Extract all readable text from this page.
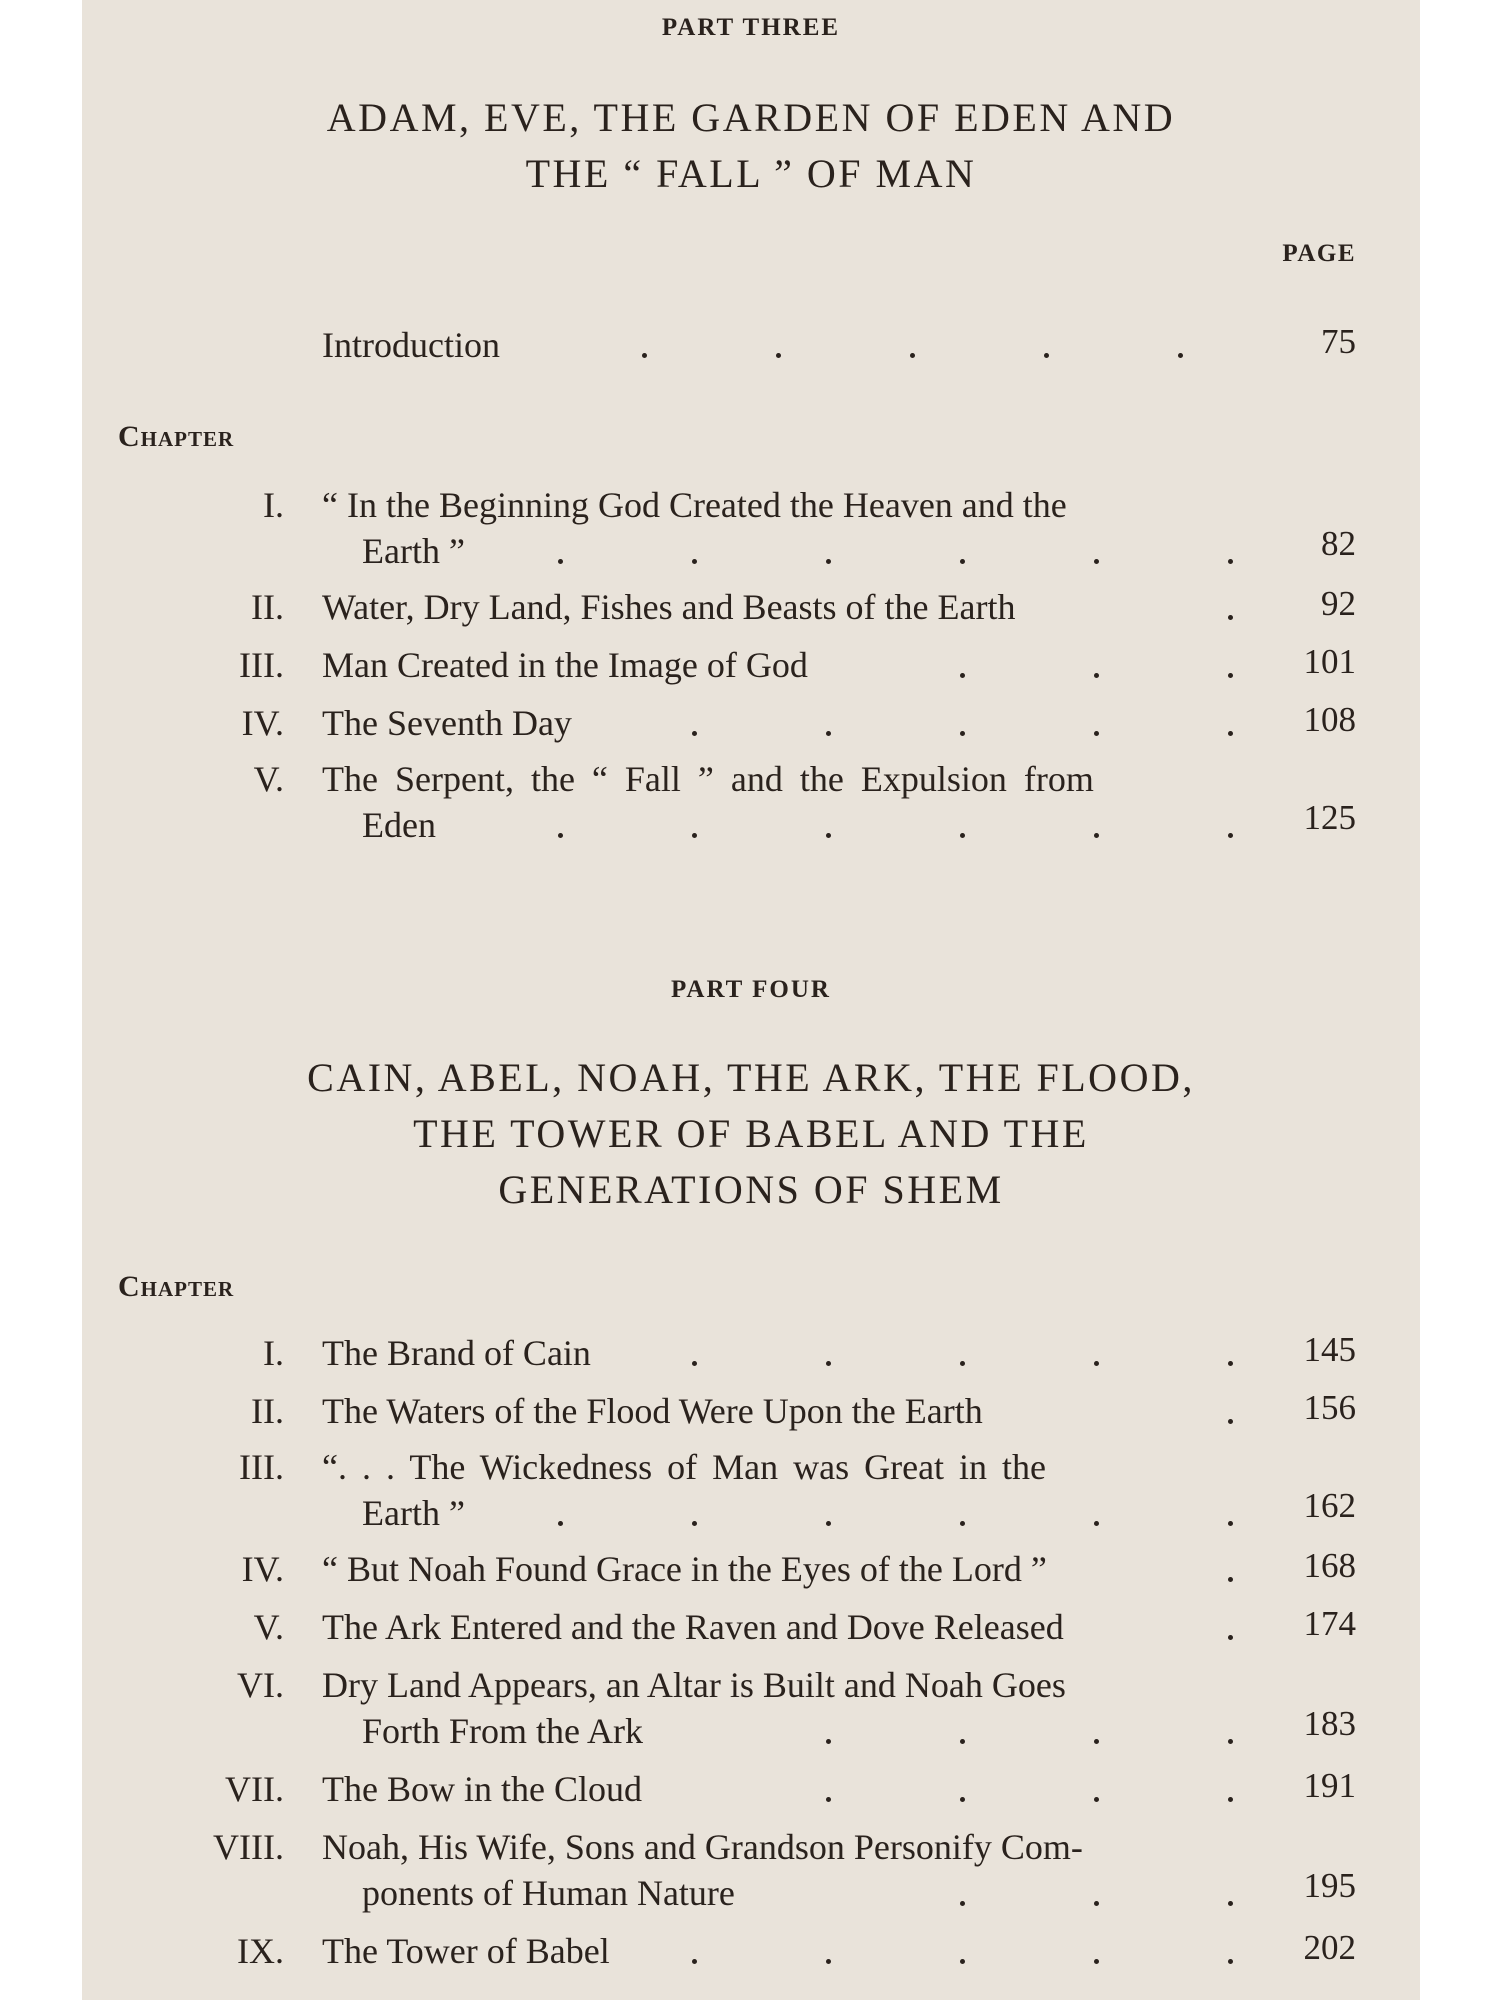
PART THREE
ADAM, EVE, THE GARDEN OF EDEN AND
THE “ FALL ” OF MAN
PAGE
Introduction	75
Chapter
I. “ In the Beginning God Created the Heaven and the
Earth ”	82
II. Water, Dry Land, Fishes and Beasts of the Earth	92
III. Man Created in the Image of God	101
IV. The Seventh Day	108
V. The Serpent, the “ Fall ” and the Expulsion from
Eden	125
PART FOUR
CAIN, ABEL, NOAH, THE ARK, THE FLOOD,
THE TOWER OF BABEL AND THE
GENERATIONS OF SHEM
Chapter
I. The Brand of Cain	145
II. The Waters of the Flood Were Upon the Earth	156
III. “. . . The Wickedness of Man was Great in the
Earth ”	162
IV. “ But Noah Found Grace in the Eyes of the Lord ”	168
V. The Ark Entered and the Raven and Dove Released	174
VI. Dry Land Appears, an Altar is Built and Noah Goes
Forth From the Ark	183
VII. The Bow in the Cloud	191
VIII. Noah, His Wife, Sons and Grandson Personify Com-
ponents of Human Nature	195
IX. The Tower of Babel	202
